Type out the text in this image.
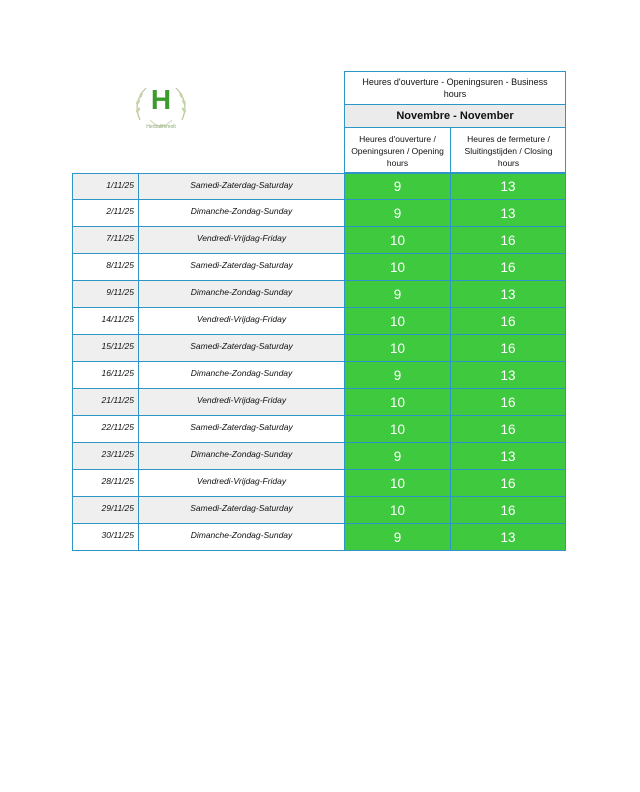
H
Herbalifemolt
Heures d'ouverture - Openingsuren - Business hours
Novembre - November
Heures d'ouverture / Openingsuren / Opening hours
Heures de fermeture / Sluitingstijden / Closing hours
1/11/25	Samedi-Zaterdag-Saturday	9	13
2/11/25	Dimanche-Zondag-Sunday	9	13
7/11/25	Vendredi-Vrijdag-Friday	10	16
8/11/25	Samedi-Zaterdag-Saturday	10	16
9/11/25	Dimanche-Zondag-Sunday	9	13
14/11/25	Vendredi-Vrijdag-Friday	10	16
15/11/25	Samedi-Zaterdag-Saturday	10	16
16/11/25	Dimanche-Zondag-Sunday	9	13
21/11/25	Vendredi-Vrijdag-Friday	10	16
22/11/25	Samedi-Zaterdag-Saturday	10	16
23/11/25	Dimanche-Zondag-Sunday	9	13
28/11/25	Vendredi-Vrijdag-Friday	10	16
29/11/25	Samedi-Zaterdag-Saturday	10	16
30/11/25	Dimanche-Zondag-Sunday	9	13
